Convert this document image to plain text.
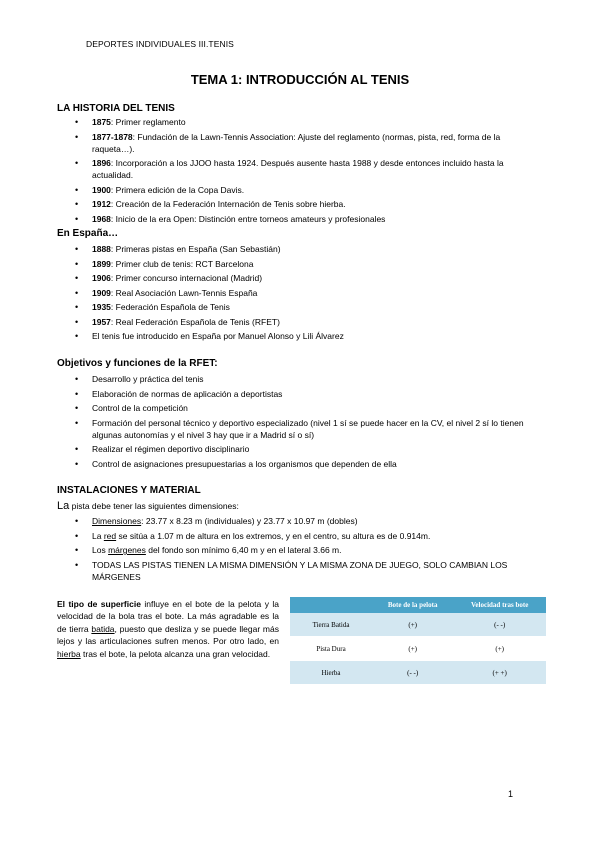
DEPORTES INDIVIDUALES III.TENIS
TEMA 1: INTRODUCCIÓN AL TENIS
LA HISTORIA DEL TENIS
• 1875: Primer reglamento
• 1877-1878: Fundación de la Lawn-Tennis Association: Ajuste del reglamento (normas, pista, red, forma de la raqueta…).
• 1896: Incorporación a los JJOO hasta 1924. Después ausente hasta 1988 y desde entonces incluido hasta la actualidad.
• 1900: Primera edición de la Copa Davis.
• 1912: Creación de la Federación Internación de Tenis sobre hierba.
• 1968: Inicio de la era Open: Distinción entre torneos amateurs y profesionales
En España…
• 1888: Primeras pistas en España (San Sebastián)
• 1899: Primer club de tenis: RCT Barcelona
• 1906: Primer concurso internacional (Madrid)
• 1909: Real Asociación Lawn-Tennis España
• 1935: Federación Española de Tenis
• 1957: Real Federación Española de Tenis (RFET)
• El tenis fue introducido en España por Manuel Alonso y Lili Álvarez
Objetivos y funciones de la RFET:
• Desarrollo y práctica del tenis
• Elaboración de normas de aplicación a deportistas
• Control de la competición
• Formación del personal técnico y deportivo especializado (nivel 1 sí se puede hacer en la CV, el nivel 2 sí lo tienen algunas autonomías y el nivel 3 hay que ir a Madrid sí o sí)
• Realizar el régimen deportivo disciplinario
• Control de asignaciones presupuestarias a los organismos que dependen de ella
INSTALACIONES Y MATERIAL
La pista debe tener las siguientes dimensiones:
• Dimensiones: 23.77 x 8.23 m (individuales) y 23.77 x 10.97 m (dobles)
• La red se sitúa a 1.07 m de altura en los extremos, y en el centro, su altura es de 0.914m.
• Los márgenes del fondo son mínimo 6,40 m y en el lateral 3.66 m.
• TODAS LAS PISTAS TIENEN LA MISMA DIMENSIÓN Y LA MISMA ZONA DE JUEGO, SOLO CAMBIAN LOS MÁRGENES
El tipo de superficie influye en el bote de la pelota y la velocidad de la bola tras el bote. La más agradable es la de tierra batida, puesto que desliza y se puede llegar más lejos y las articulaciones sufren menos. Por otro lado, en hierba tras el bote, la pelota alcanza una gran velocidad.
	Bote de la pelota	Velocidad tras bote
Tierra Batida	(+)	(- -)
Pista Dura	(+)	(+)
Hierba	(- -)	(+ +)
1
